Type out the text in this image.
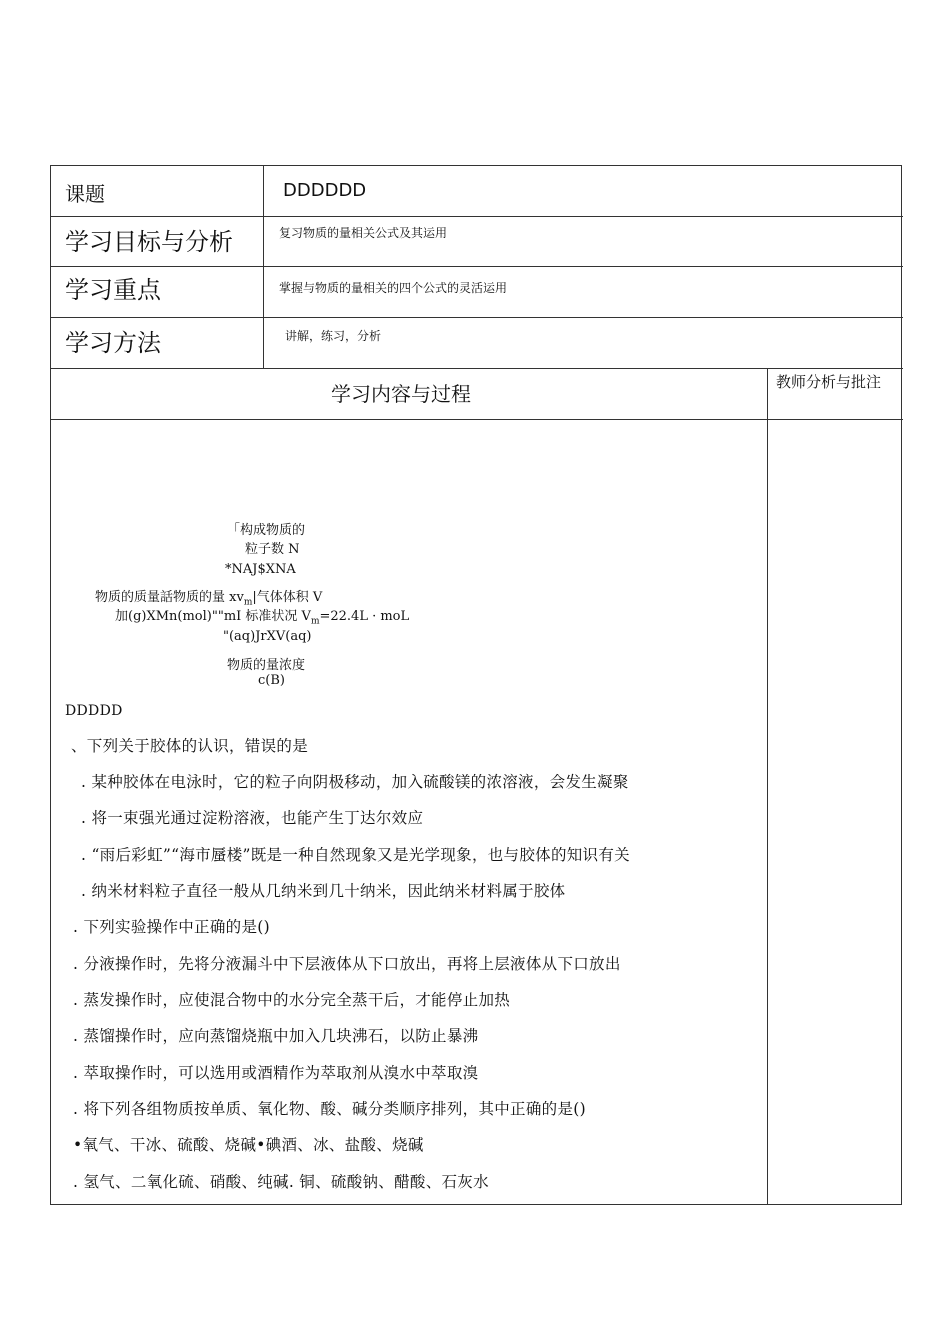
课题	DDDDDD
学习目标与分析	复习物质的量相关公式及其运用
学习重点	掌握与物质的量相关的四个公式的灵活运用
学习方法	讲解，练习，分析
学习内容与过程	教师分析与批注
「构成物质的
粒子数 N
*NAJ$XNA
物质的质量話物质的量 $xv_m|$气体体积 V
加(g)XMn(mol)""mI 标准状况 $V_m=22.4L$ · moL
"(aq)JrXV(aq)
物质的量浓度
c(B)
DDDDD
、下列关于胶体的认识，错误的是
. 某种胶体在电泳时，它的粒子向阴极移动，加入硫酸镁的浓溶液，会发生凝聚
. 将一束强光通过淀粉溶液，也能产生丁达尔效应
. “雨后彩虹”“海市蜃楼”既是一种自然现象又是光学现象，也与胶体的知识有关
. 纳米材料粒子直径一般从几纳米到几十纳米，因此纳米材料属于胶体
. 下列实验操作中正确的是()
. 分液操作时，先将分液漏斗中下层液体从下口放出，再将上层液体从下口放出
. 蒸发操作时，应使混合物中的水分完全蒸干后，才能停止加热
. 蒸馏操作时，应向蒸馏烧瓶中加入几块沸石，以防止暴沸
. 萃取操作时，可以选用或酒精作为萃取剂从溴水中萃取溴
. 将下列各组物质按单质、氧化物、酸、碱分类顺序排列，其中正确的是()
•氧气、干冰、硫酸、烧碱•碘酒、冰、盐酸、烧碱
. 氢气、二氧化硫、硝酸、纯碱. 铜、硫酸钠、醋酸、石灰水
